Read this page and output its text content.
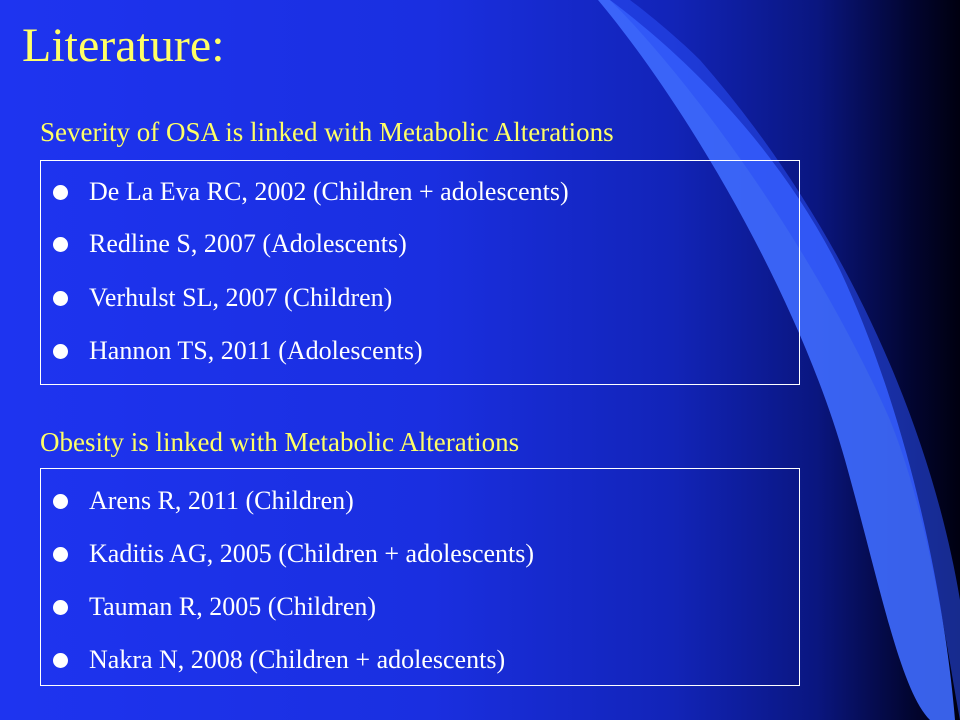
Literature:
Severity of OSA is linked with Metabolic Alterations
De La Eva RC, 2002 (Children + adolescents)
Redline S, 2007 (Adolescents)
Verhulst SL, 2007 (Children)
Hannon TS, 2011 (Adolescents)
Obesity is linked with Metabolic Alterations
Arens R, 2011 (Children)
Kaditis AG, 2005 (Children + adolescents)
Tauman R, 2005 (Children)
Nakra N, 2008 (Children + adolescents)
